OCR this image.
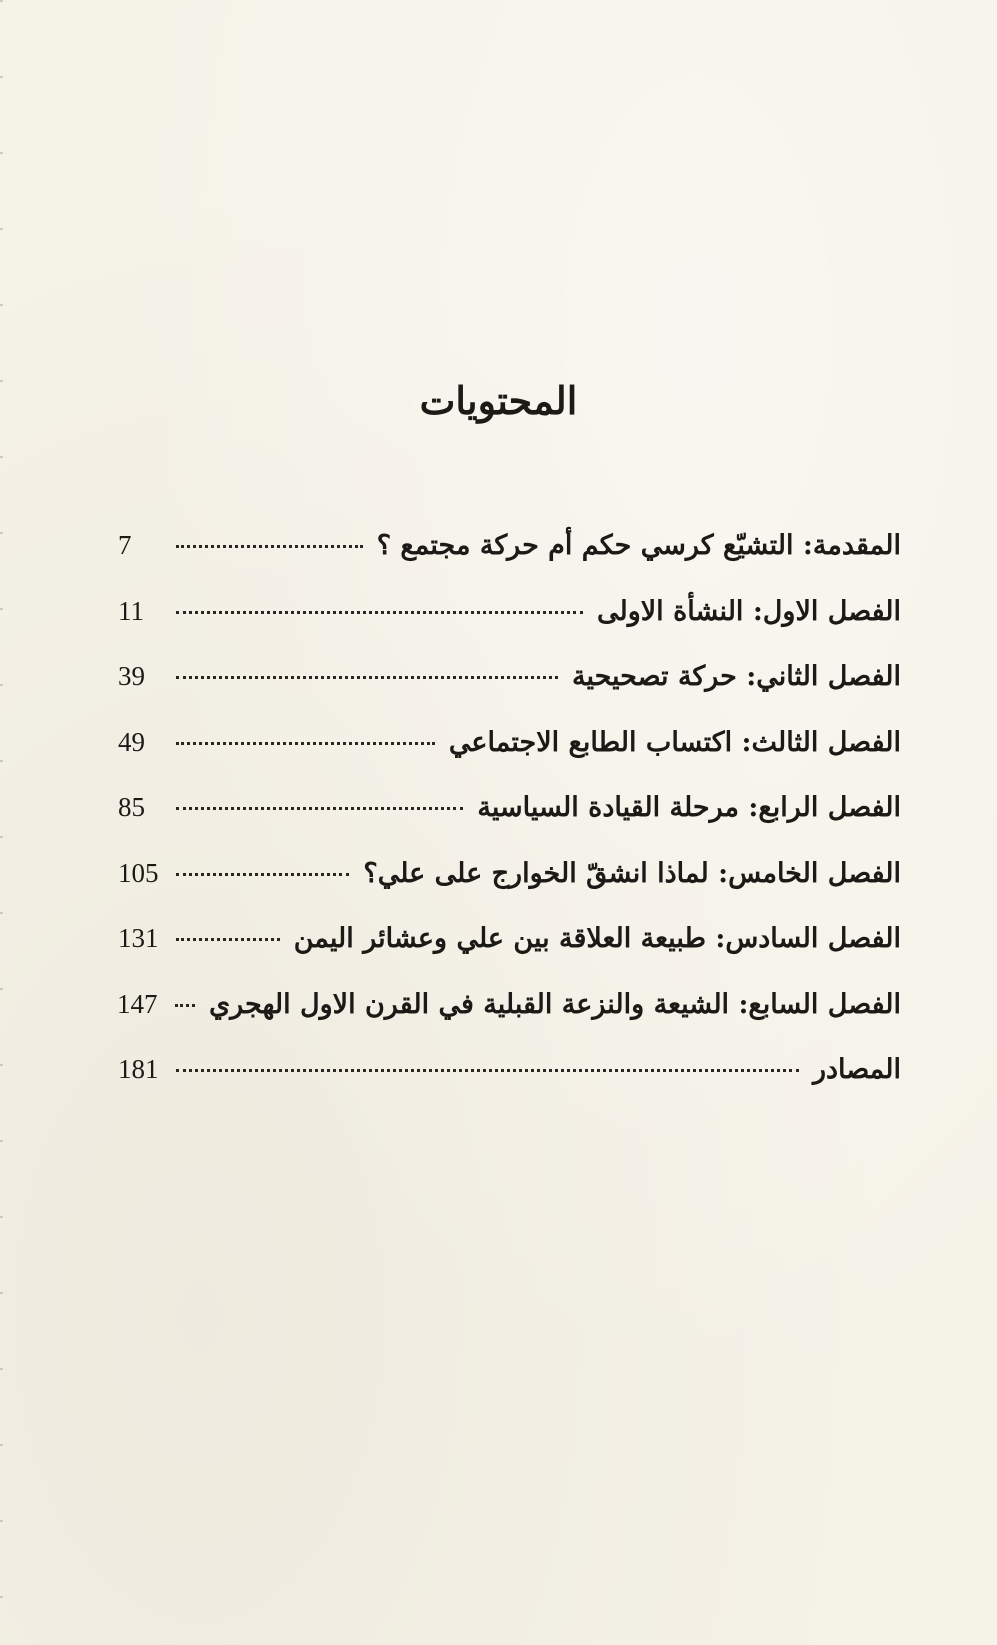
المحتويات
المقدمة: التشيّع كرسي حكم أم حركة مجتمع ؟
7
الفصل الاول: النشأة الاولى
11
الفصل الثاني: حركة تصحيحية
39
الفصل الثالث: اكتساب الطابع الاجتماعي
49
الفصل الرابع: مرحلة القيادة السياسية
85
الفصل الخامس: لماذا انشقّ الخوارج على علي؟
105
الفصل السادس: طبيعة العلاقة بين علي وعشائر اليمن
131
الفصل السابع: الشيعة والنزعة القبلية في القرن الاول الهجري
147
المصادر
181
